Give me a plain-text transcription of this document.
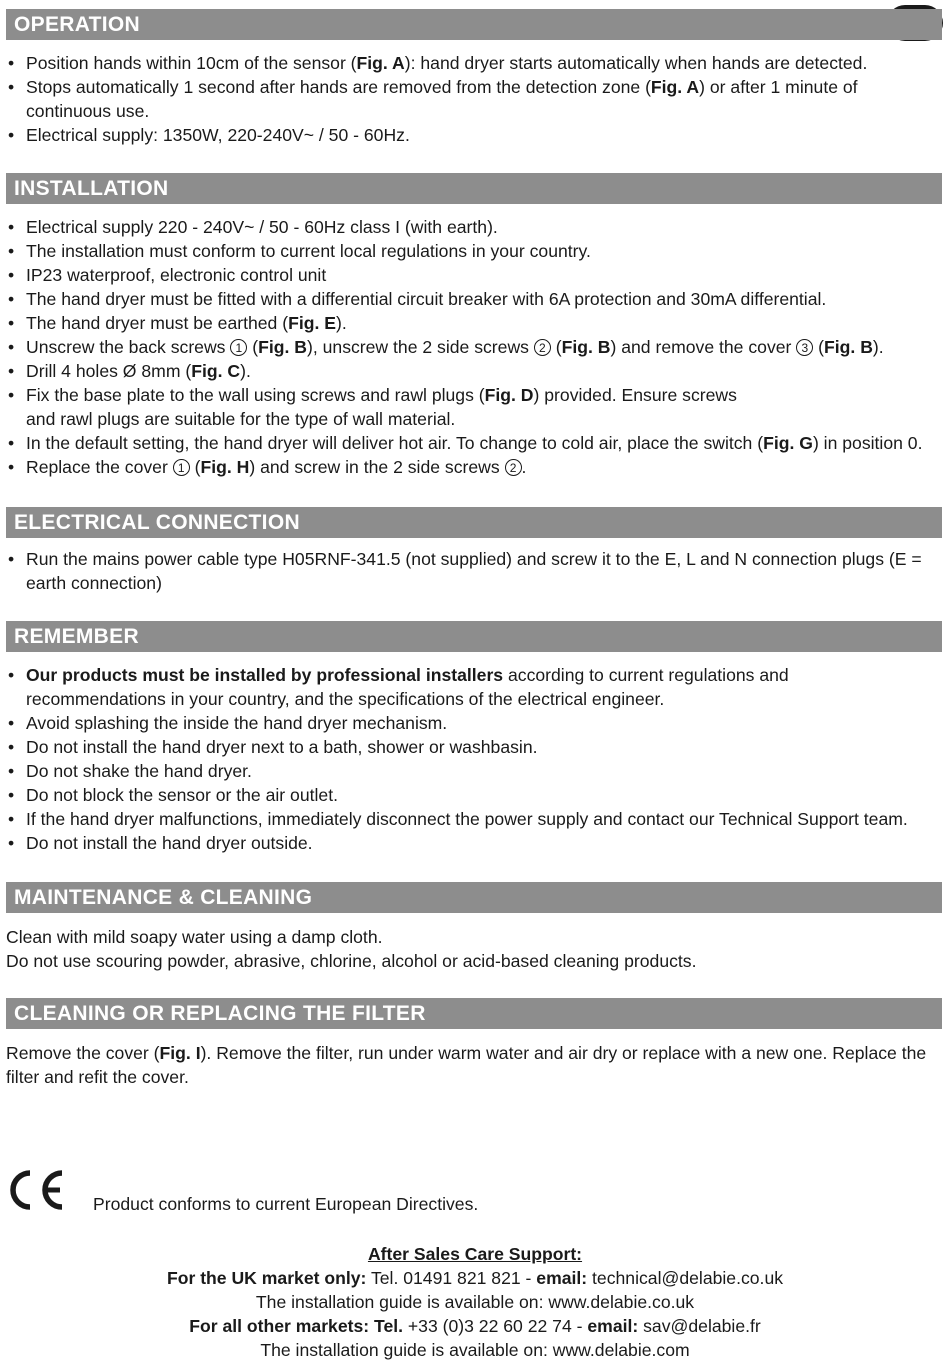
OPERATION
• Position hands within 10cm of the sensor (Fig. A): hand dryer starts automatically when hands are detected.
• Stops automatically 1 second after hands are removed from the detection zone (Fig. A) or after 1 minute of continuous use.
• Electrical supply: 1350W, 220-240V~ / 50 - 60Hz.
INSTALLATION
• Electrical supply 220 - 240V~ / 50 - 60Hz class I (with earth).
• The installation must conform to current local regulations in your country.
• IP23 waterproof, electronic control unit
• The hand dryer must be fitted with a differential circuit breaker with 6A protection and 30mA differential.
• The hand dryer must be earthed (Fig. E).
• Unscrew the back screws 1 (Fig. B), unscrew the 2 side screws 2 (Fig. B) and remove the cover 3 (Fig. B).
• Drill 4 holes Ø 8mm (Fig. C).
• Fix the base plate to the wall using screws and rawl plugs (Fig. D) provided. Ensure screws and rawl plugs are suitable for the type of wall material.
• In the default setting, the hand dryer will deliver hot air. To change to cold air, place the switch (Fig. G) in position 0.
• Replace the cover 1 (Fig. H) and screw in the 2 side screws 2 .
ELECTRICAL CONNECTION
• Run the mains power cable type H05RNF-341.5 (not supplied) and screw it to the E, L and N connection plugs (E = earth connection)
REMEMBER
• Our products must be installed by professional installers according to current regulations and recommendations in your country, and the specifications of the electrical engineer.
• Avoid splashing the inside the hand dryer mechanism.
• Do not install the hand dryer next to a bath, shower or washbasin.
• Do not shake the hand dryer.
• Do not block the sensor or the air outlet.
• If the hand dryer malfunctions, immediately disconnect the power supply and contact our Technical Support team.
• Do not install the hand dryer outside.
MAINTENANCE & CLEANING

Clean with mild soapy water using a damp cloth.

Do not use scouring powder, abrasive, chlorine, alcohol or acid-based cleaning products.

CLEANING OR REPLACING THE FILTER

Remove the cover (Fig. I). Remove the filter, run under warm water and air dry or replace with a new one. Replace the filter and refit the cover.

Product conforms to current European Directives.
After Sales Care Support:
For the UK market only: Tel. 01491 821 821 - email: technical@delabie.co.uk
The installation guide is available on: www.delabie.co.uk
For all other markets: Tel. +33 (0)3 22 60 22 74 - email: sav@delabie.fr
The installation guide is available on: www.delabie.com
